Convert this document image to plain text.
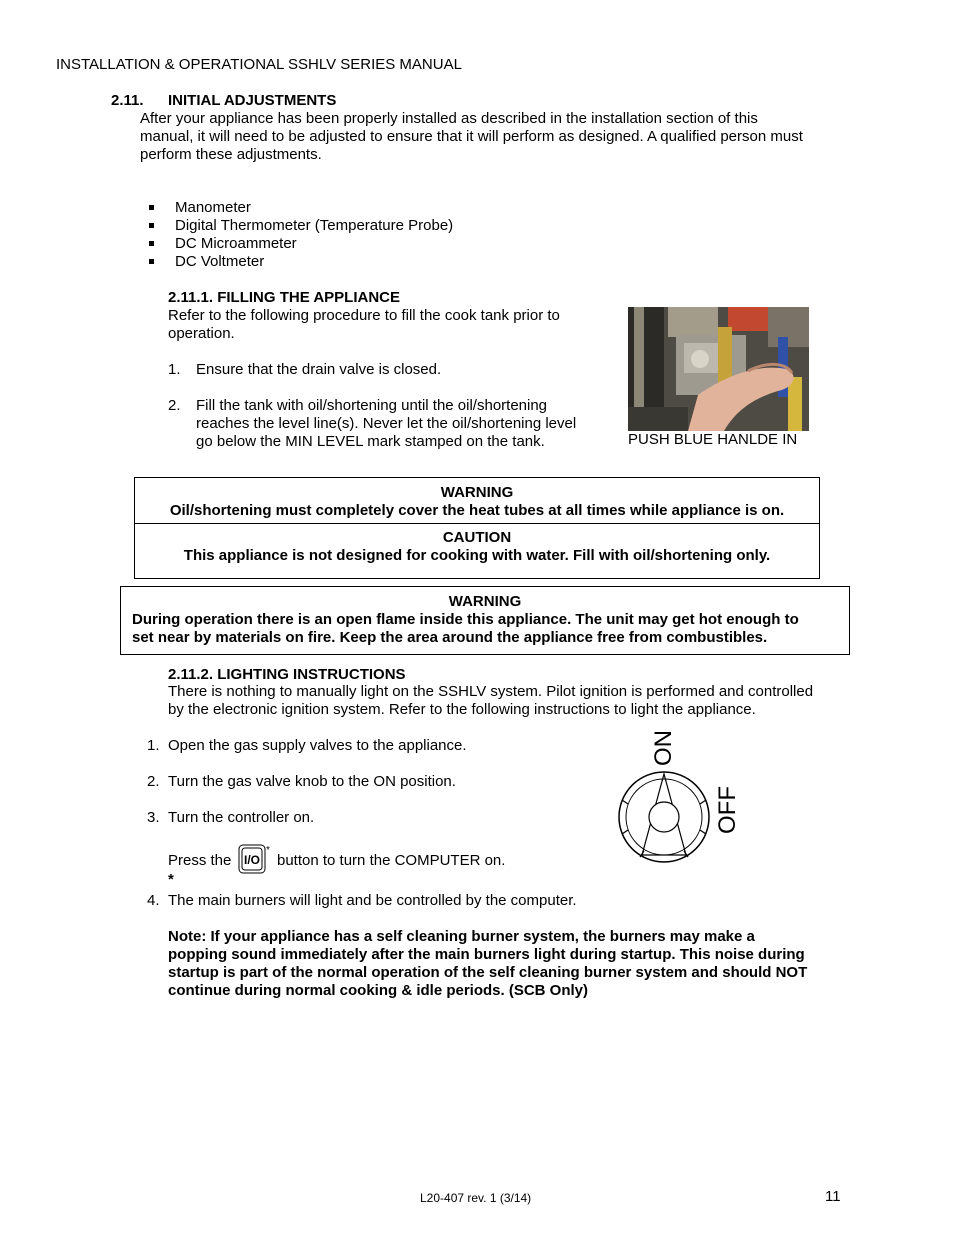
INSTALLATION & OPERATIONAL SSHLV SERIES MANUAL
2.11. INITIAL ADJUSTMENTS
After your appliance has been properly installed as described in the installation section of this
manual, it will need to be adjusted to ensure that it will perform as designed. A qualified person must
perform these adjustments.
Manometer
Digital Thermometer (Temperature Probe)
DC Microammeter
DC Voltmeter
2.11.1. FILLING THE APPLIANCE
Refer to the following procedure to fill the cook tank prior to
operation.
1. Ensure that the drain valve is closed.
2. Fill the tank with oil/shortening until the oil/shortening
reaches the level line(s). Never let the oil/shortening level
go below the MIN LEVEL mark stamped on the tank.	PUSH BLUE HANLDE IN
WARNING
Oil/shortening must completely cover the heat tubes at all times while appliance is on.
CAUTION
This appliance is not designed for cooking with water. Fill with oil/shortening only.
WARNING
During operation there is an open flame inside this appliance. The unit may get hot enough to
set near by materials on fire. Keep the area around the appliance free from combustibles.
2.11.2. LIGHTING INSTRUCTIONS
There is nothing to manually light on the SSHLV system. Pilot ignition is performed and controlled
by the electronic ignition system. Refer to the following instructions to light the appliance.
1. Open the gas supply valves to the appliance.
2. Turn the gas valve knob to the ON position.
3. Turn the controller on.
Press the I/O
*
button to turn the COMPUTER on.
*
4. The main burners will light and be controlled by the computer.
Note: If your appliance has a self cleaning burner system, the burners may make a
popping sound immediately after the main burners light during startup. This noise during
startup is part of the normal operation of the self cleaning burner system and should NOT
continue during normal cooking & idle periods. (SCB Only)
ON
OFF
L20-407 rev. 1 (3/14)	11
